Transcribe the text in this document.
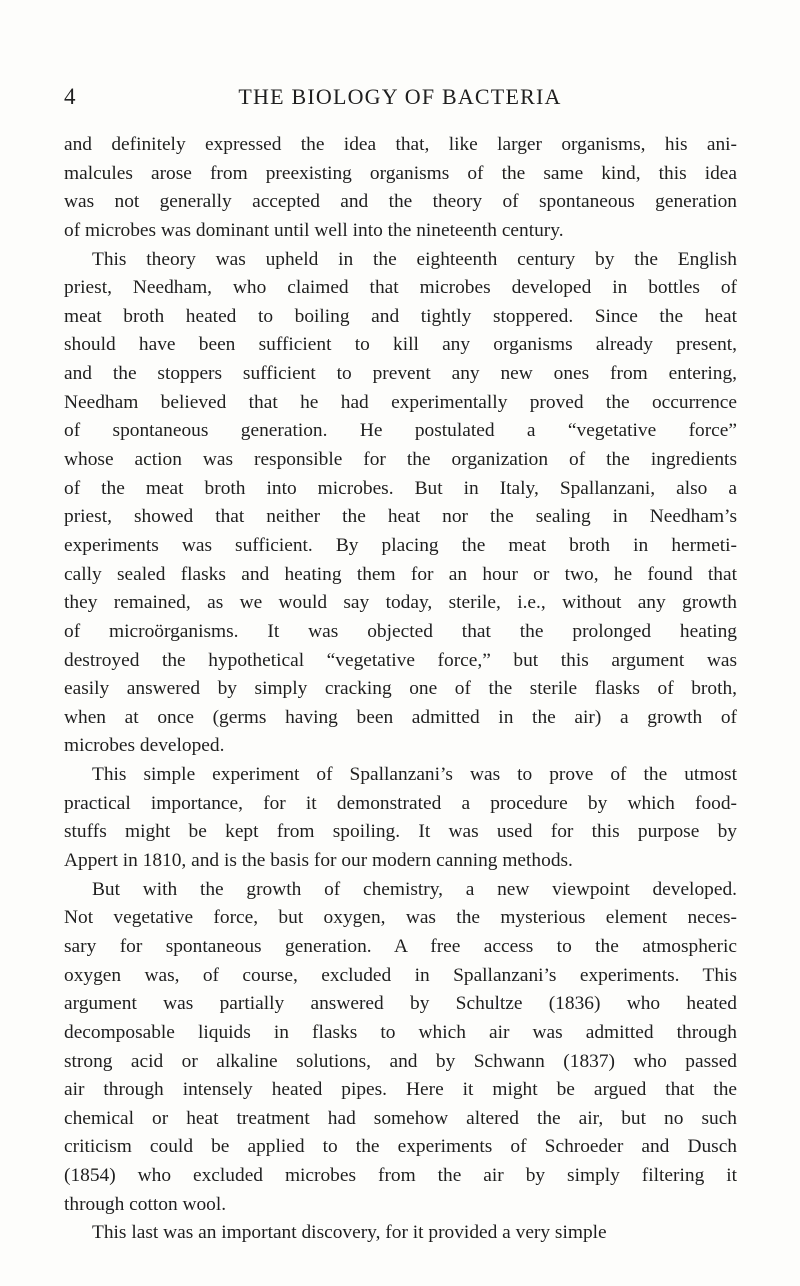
4	THE BIOLOGY OF BACTERIA
and definitely expressed the idea that, like larger organisms, his ani-
malcules arose from preexisting organisms of the same kind, this idea
was not generally accepted and the theory of spontaneous generation
of microbes was dominant until well into the nineteenth century.
This theory was upheld in the eighteenth century by the English
priest, Needham, who claimed that microbes developed in bottles of
meat broth heated to boiling and tightly stoppered. Since the heat
should have been sufficient to kill any organisms already present,
and the stoppers sufficient to prevent any new ones from entering,
Needham believed that he had experimentally proved the occurrence
of spontaneous generation. He postulated a “vegetative force”
whose action was responsible for the organization of the ingredients
of the meat broth into microbes. But in Italy, Spallanzani, also a
priest, showed that neither the heat nor the sealing in Needham’s
experiments was sufficient. By placing the meat broth in hermeti-
cally sealed flasks and heating them for an hour or two, he found that
they remained, as we would say today, sterile, i.e., without any growth
of microörganisms. It was objected that the prolonged heating
destroyed the hypothetical “vegetative force,” but this argument was
easily answered by simply cracking one of the sterile flasks of broth,
when at once (germs having been admitted in the air) a growth of
microbes developed.
This simple experiment of Spallanzani’s was to prove of the utmost
practical importance, for it demonstrated a procedure by which food-
stuffs might be kept from spoiling. It was used for this purpose by
Appert in 1810, and is the basis for our modern canning methods.
But with the growth of chemistry, a new viewpoint developed.
Not vegetative force, but oxygen, was the mysterious element neces-
sary for spontaneous generation. A free access to the atmospheric
oxygen was, of course, excluded in Spallanzani’s experiments. This
argument was partially answered by Schultze (1836) who heated
decomposable liquids in flasks to which air was admitted through
strong acid or alkaline solutions, and by Schwann (1837) who passed
air through intensely heated pipes. Here it might be argued that the
chemical or heat treatment had somehow altered the air, but no such
criticism could be applied to the experiments of Schroeder and Dusch
(1854) who excluded microbes from the air by simply filtering it
through cotton wool.
This last was an important discovery, for it provided a very simple
